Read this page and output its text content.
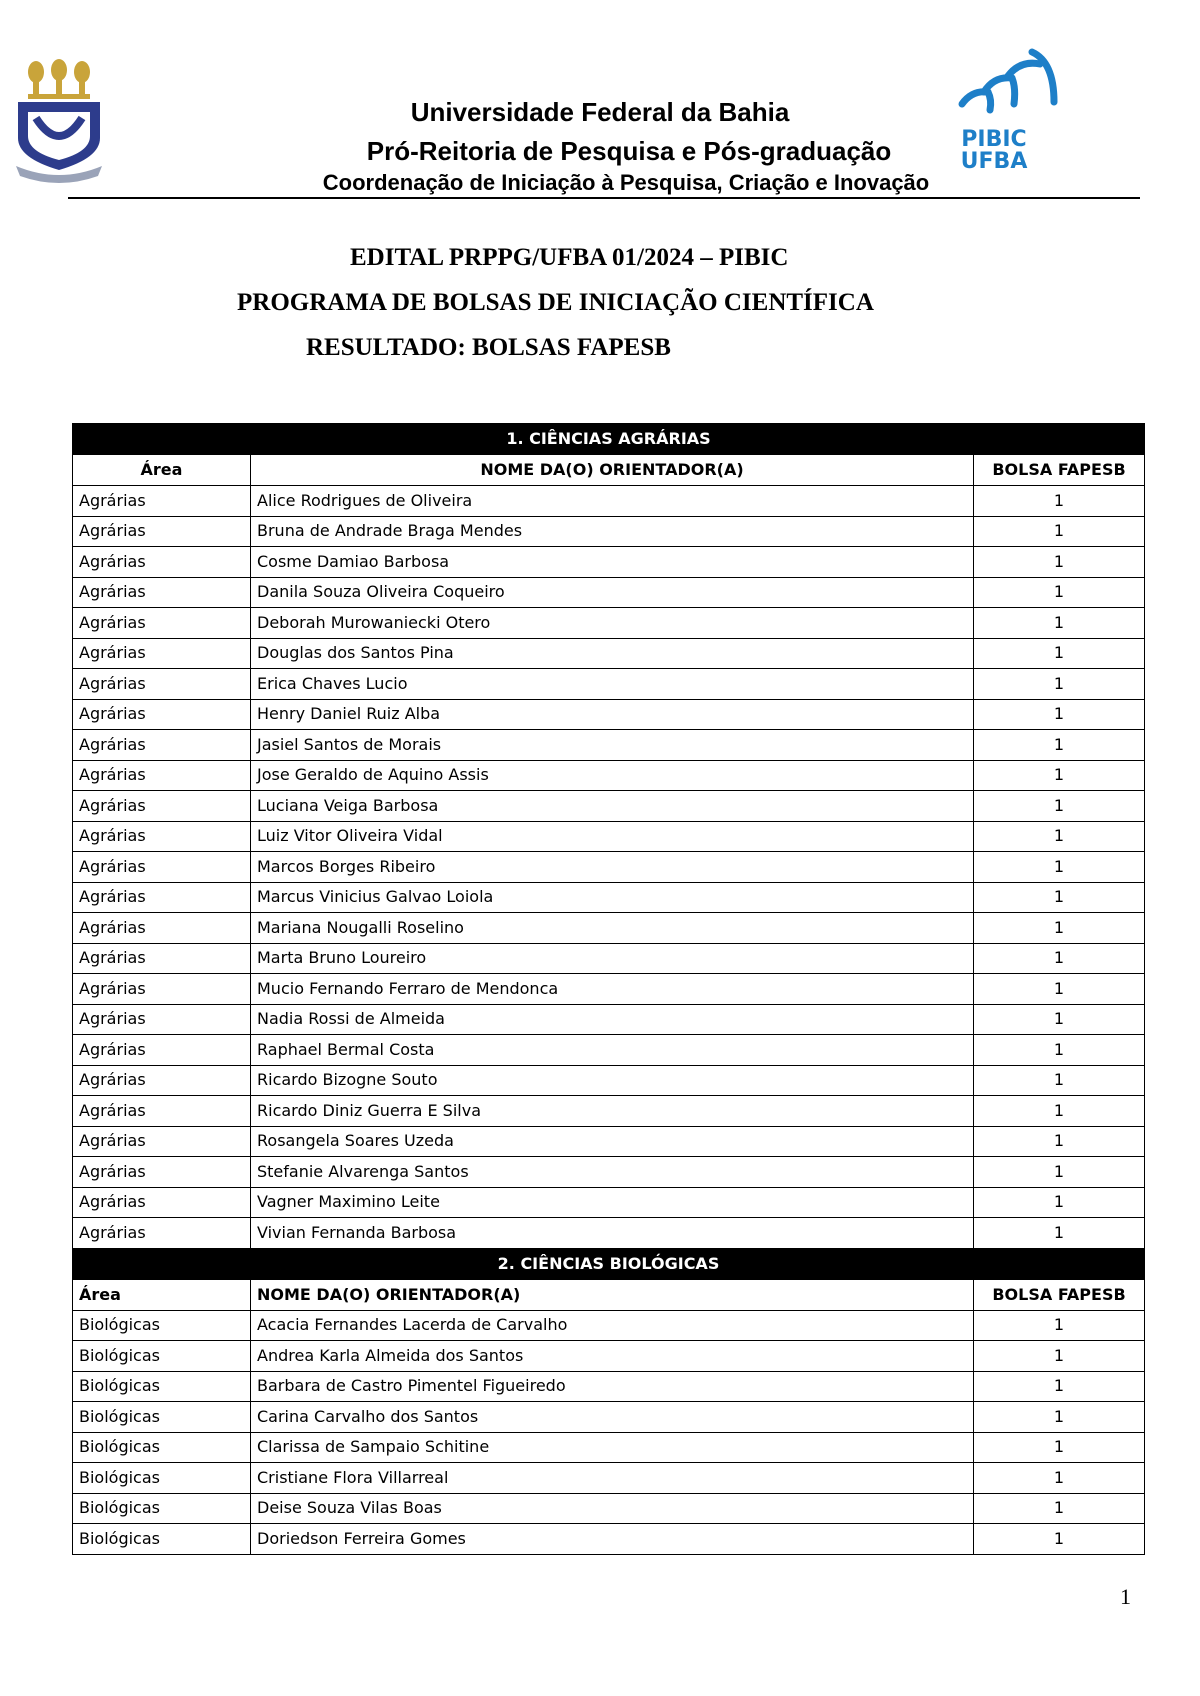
Universidade Federal da Bahia
Pró-Reitoria de Pesquisa e Pós-graduação
Coordenação de Iniciação à Pesquisa, Criação e Inovação
PIBIC
UFBA
EDITAL PRPPG/UFBA 01/2024 – PIBIC
PROGRAMA DE BOLSAS DE INICIAÇÃO CIENTÍFICA
RESULTADO: BOLSAS FAPESB
1. CIÊNCIAS AGRÁRIAS		
Área	NOME DA(O) ORIENTADOR(A)	BOLSA FAPESB
Agrárias	Alice Rodrigues de Oliveira	1
Agrárias	Bruna de Andrade Braga Mendes	1
Agrárias	Cosme Damiao Barbosa	1
Agrárias	Danila Souza Oliveira Coqueiro	1
Agrárias	Deborah Murowaniecki Otero	1
Agrárias	Douglas dos Santos Pina	1
Agrárias	Erica Chaves Lucio	1
Agrárias	Henry Daniel Ruiz Alba	1
Agrárias	Jasiel Santos de Morais	1
Agrárias	Jose Geraldo de Aquino Assis	1
Agrárias	Luciana Veiga Barbosa	1
Agrárias	Luiz Vitor Oliveira Vidal	1
Agrárias	Marcos Borges Ribeiro	1
Agrárias	Marcus Vinicius Galvao Loiola	1
Agrárias	Mariana Nougalli Roselino	1
Agrárias	Marta Bruno Loureiro	1
Agrárias	Mucio Fernando Ferraro de Mendonca	1
Agrárias	Nadia Rossi de Almeida	1
Agrárias	Raphael Bermal Costa	1
Agrárias	Ricardo Bizogne Souto	1
Agrárias	Ricardo Diniz Guerra E Silva	1
Agrárias	Rosangela Soares Uzeda	1
Agrárias	Stefanie Alvarenga Santos	1
Agrárias	Vagner Maximino Leite	1
Agrárias	Vivian Fernanda Barbosa	1
2. CIÊNCIAS BIOLÓGICAS		
Área	NOME DA(O) ORIENTADOR(A)	BOLSA FAPESB
Biológicas	Acacia Fernandes Lacerda de Carvalho	1
Biológicas	Andrea Karla Almeida dos Santos	1
Biológicas	Barbara de Castro Pimentel Figueiredo	1
Biológicas	Carina Carvalho dos Santos	1
Biológicas	Clarissa de Sampaio Schitine	1
Biológicas	Cristiane Flora Villarreal	1
Biológicas	Deise Souza Vilas Boas	1
Biológicas	Doriedson Ferreira Gomes	1
1
